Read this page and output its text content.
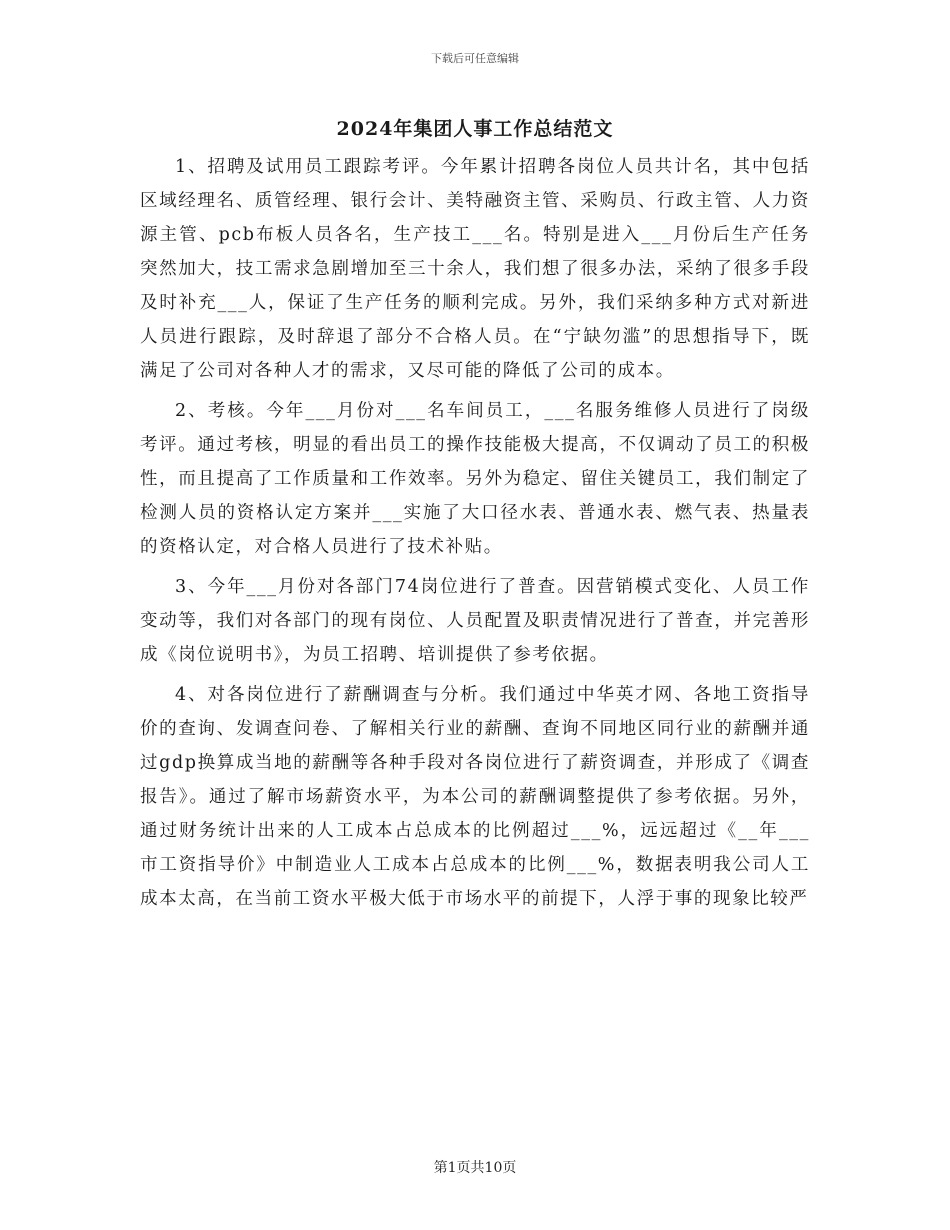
下载后可任意编辑
2024年集团人事工作总结范文

1、招聘及试用员工跟踪考评。今年累计招聘各岗位人员共计名，其中包括区域经理名、质管经理、银行会计、美特融资主管、采购员、行政主管、人力资源主管、pcb布板人员各名，生产技工___名。特别是进入___月份后生产任务突然加大，技工需求急剧增加至三十余人，我们想了很多办法，采纳了很多手段及时补充___人，保证了生产任务的顺利完成。另外，我们采纳多种方式对新进人员进行跟踪，及时辞退了部分不合格人员。在“宁缺勿滥”的思想指导下，既满足了公司对各种人才的需求，又尽可能的降低了公司的成本。

2、考核。今年___月份对___名车间员工，___名服务维修人员进行了岗级考评。通过考核，明显的看出员工的操作技能极大提高，不仅调动了员工的积极性，而且提高了工作质量和工作效率。另外为稳定、留住关键员工，我们制定了检测人员的资格认定方案并___实施了大口径水表、普通水表、燃气表、热量表的资格认定，对合格人员进行了技术补贴。

3、今年___月份对各部门74岗位进行了普查。因营销模式变化、人员工作变动等，我们对各部门的现有岗位、人员配置及职责情况进行了普查，并完善形成《岗位说明书》，为员工招聘、培训提供了参考依据。

4、对各岗位进行了薪酬调查与分析。我们通过中华英才网、各地工资指导价的查询、发调查问卷、了解相关行业的薪酬、查询不同地区同行业的薪酬并通过gdp换算成当地的薪酬等各种手段对各岗位进行了薪资调查，并形成了《调查报告》。通过了解市场薪资水平，为本公司的薪酬调整提供了参考依据。另外，通过财务统计出来的人工成本占总成本的比例超过___%，远远超过《__年___市工资指导价》中制造业人工成本占总成本的比例___%，数据表明我公司人工成本太高，在当前工资水平极大低于市场水平的前提下，人浮于事的现象比较严

第1页共10页
